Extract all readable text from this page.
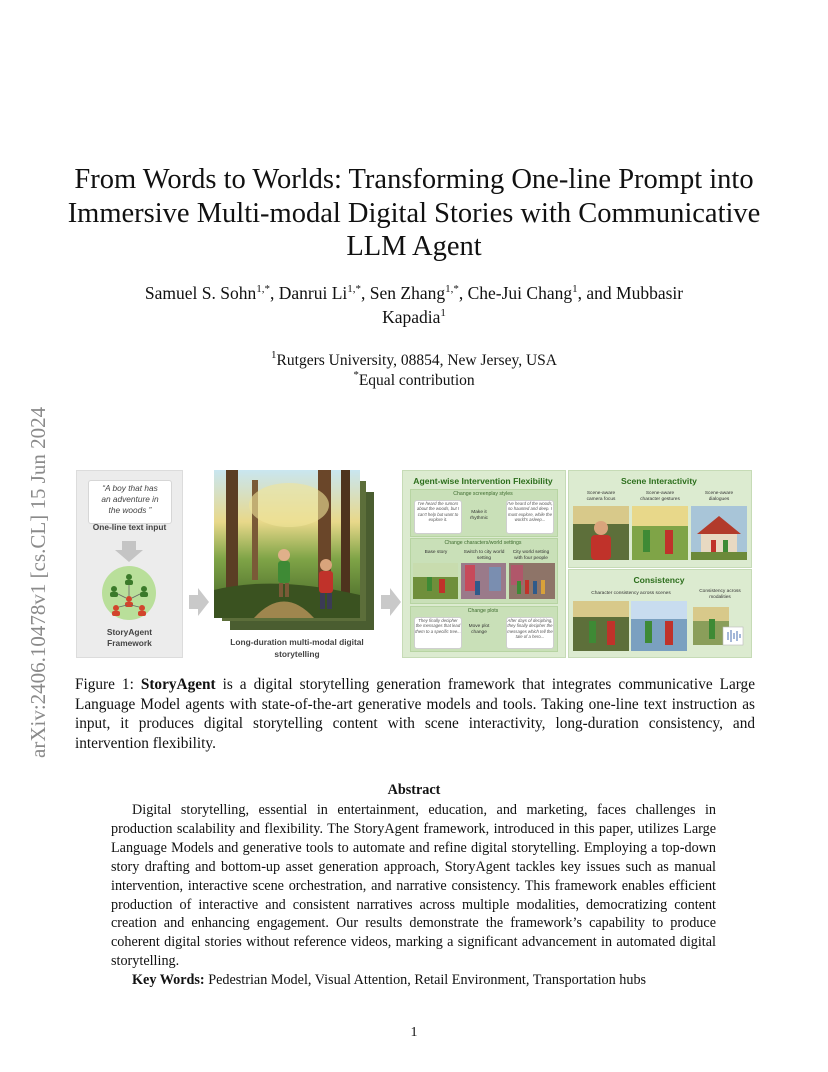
arXiv:2406.10478v1 [cs.CL] 15 Jun 2024
From Words to Worlds: Transforming One-line Prompt into
Immersive Multi-modal Digital Stories with Communicative
LLM Agent
Samuel S. Sohn$^{1,*}$, Danrui $Li^{1,*}$, Sen Zhang$^{1,*}$, Che-Jui Chang$^1$, and Mubbasir
Kapadia$^1$
$^1$Rutgers University, 08854, New Jersey, USA
*Equal contribution
“A boy that has
an adventure in
the woods ”
One-line text input
StoryAgent
Framework	Long-duration multi-modal digital
storytelling
Agent-wise Intervention Flexibility
Change screenplay styles
I've heard the rumors about the woods, but I can't help but want to explore it.
Make it rhythmic
I've heard of the woods, so haunted and deep. I must explore, while the world's asleep...
Change characters/world settings
Base story	Switch to city world setting
City world setting with four people
Change plots
They finally decipher the messages that lead them to a specific tree...
Move plot change
After days of deciphing, they finally decipher the messages which tell the tale of a hero...
Scene Interactivity
Scene-aware
camera focus
Scene-aware
character gestures
Scene-aware
dialogues
Consistency
Character consistency across scenes	Consistency across
modalities
Figure 1: StoryAgent is a digital storytelling generation framework that integrates communicative Large Language Model agents with state-of-the-art generative models and tools. Taking one-line text instruction as input, it produces digital storytelling content with scene interactivity, long-duration consistency, and intervention flexibility.
Abstract

Digital storytelling, essential in entertainment, education, and marketing, faces challenges in production scalability and flexibility. The StoryAgent framework, introduced in this paper, utilizes Large Language Models and generative tools to automate and refine digital storytelling. Employing a top-down story drafting and bottom-up asset generation approach, StoryAgent tackles key issues such as manual intervention, interactive scene orchestration, and narrative consistency. This framework enables efficient production of interactive and consistent narratives across multiple modalities, democratizing content creation and enhancing engagement. Our results demonstrate the framework’s capability to produce coherent digital stories without reference videos, marking a significant advancement in automated digital storytelling.

Key Words: Pedestrian Model, Visual Attention, Retail Environment, Transportation hubs

1
